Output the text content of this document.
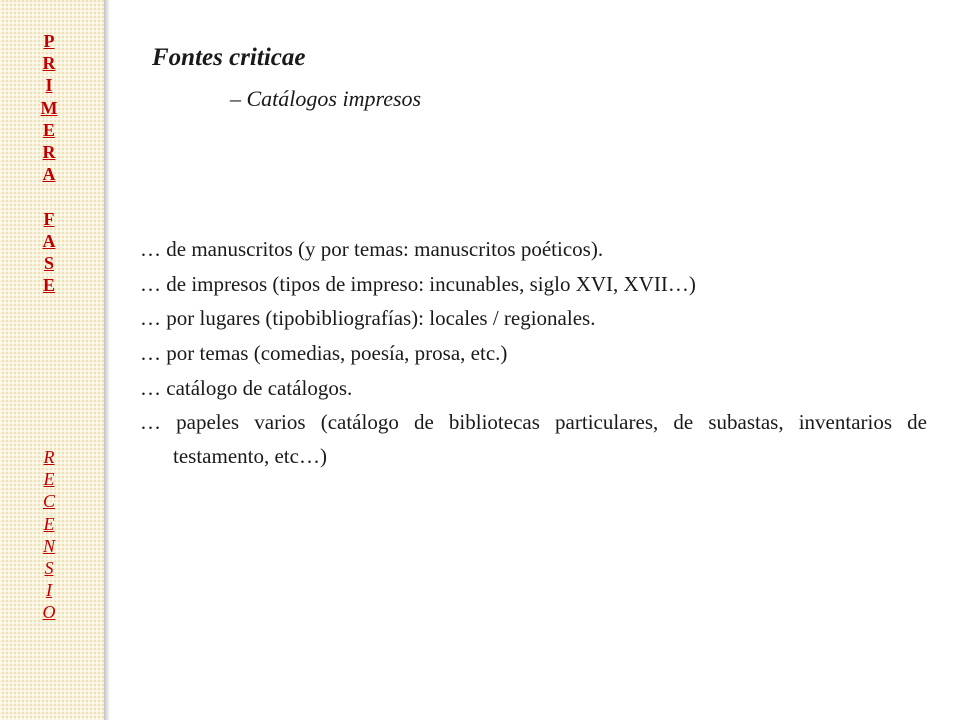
P
R
I
M
E
R
A
F
A
S
E
R
E
C
E
N
S
I
O
Fontes criticae
– Catálogos impresos
… de manuscritos (y por temas: manuscritos poéticos).
… de impresos (tipos de impreso: incunables, siglo XVI, XVII…)
… por lugares (tipobibliografías): locales / regionales.
… por temas (comedias, poesía, prosa, etc.)
… catálogo de catálogos.
… papeles varios (catálogo de bibliotecas particulares, de subastas, inventarios de testamento, etc…)
